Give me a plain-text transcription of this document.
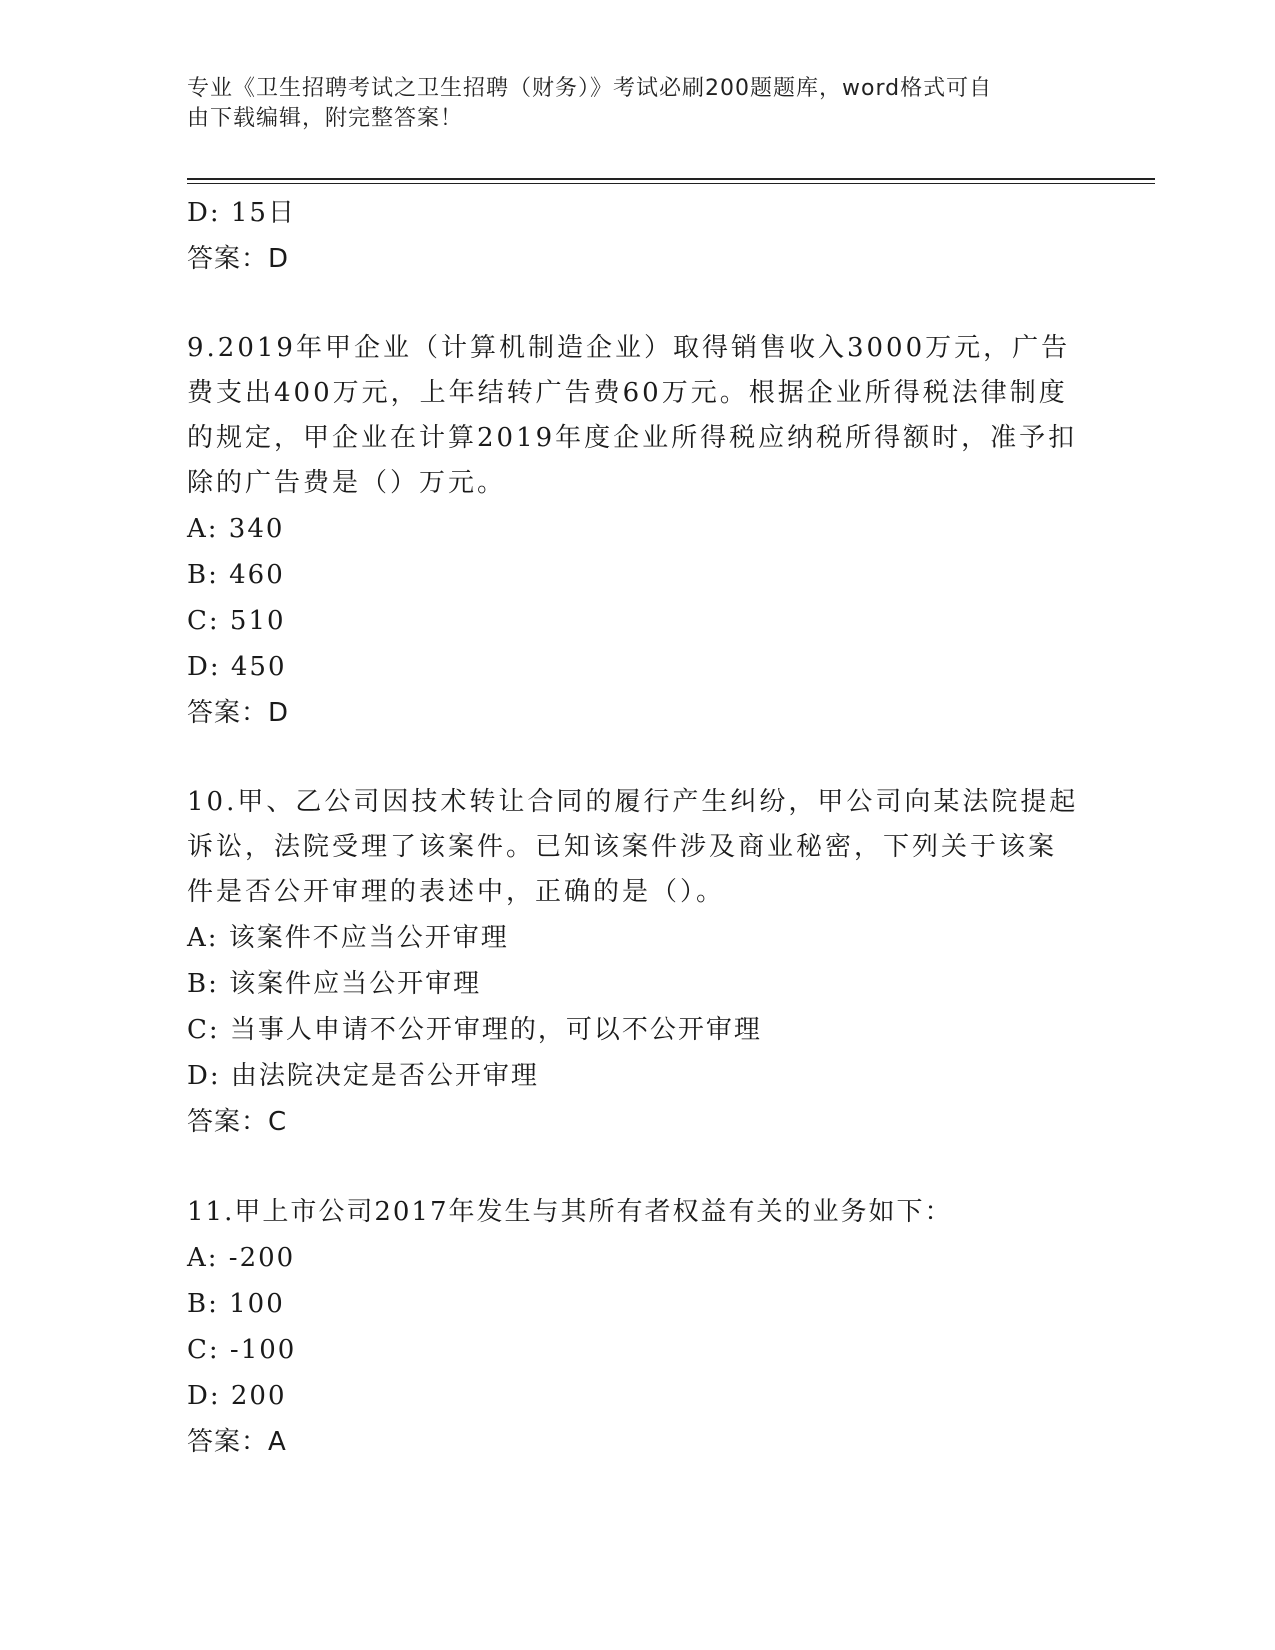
专业《卫生招聘考试之卫生招聘（财务）》考试必刷200题题库，word格式可自
由下载编辑，附完整答案！
D: 15日
答案：D
9.2019年甲企业（计算机制造企业）取得销售收入3000万元，广告费支出400万元，上年结转广告费60万元。根据企业所得税法律制度的规定，甲企业在计算2019年度企业所得税应纳税所得额时，准予扣除的广告费是（）万元。
A: 340
B: 460
C: 510
D: 450
答案：D
10.甲、乙公司因技术转让合同的履行产生纠纷，甲公司向某法院提起诉讼，法院受理了该案件。已知该案件涉及商业秘密，下列关于该案件是否公开审理的表述中，正确的是（）。
A: 该案件不应当公开审理
B: 该案件应当公开审理
C: 当事人申请不公开审理的，可以不公开审理
D: 由法院决定是否公开审理
答案：C
11.甲上市公司2017年发生与其所有者权益有关的业务如下：
A: -200
B: 100
C: -100
D: 200
答案：A
